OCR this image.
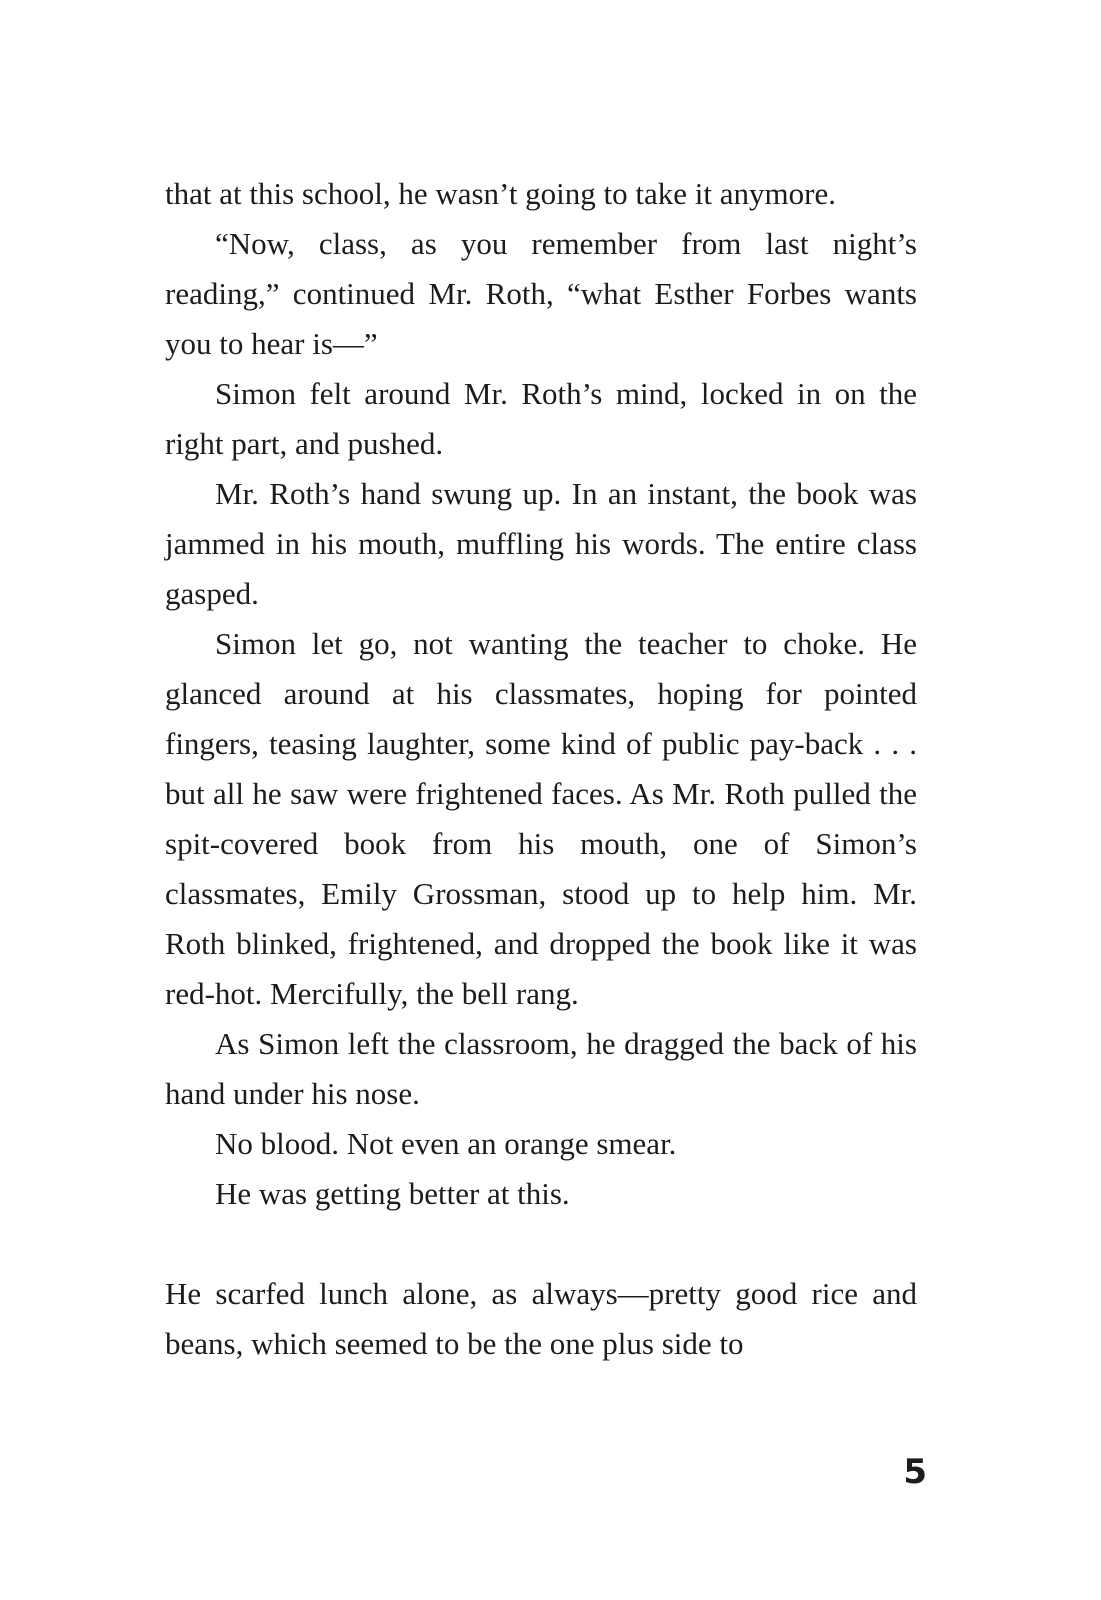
that at this school, he wasn’t going to take it anymore.

“Now, class, as you remember from last night’s reading,” continued Mr. Roth, “what Esther Forbes wants you to hear is—”

Simon felt around Mr. Roth’s mind, locked in on the right part, and pushed.

Mr. Roth’s hand swung up. In an instant, the book was jammed in his mouth, muffling his words. The entire class gasped.

Simon let go, not wanting the teacher to choke. He glanced around at his classmates, hoping for pointed fingers, teasing laughter, some kind of public pay-back . . . but all he saw were frightened faces. As Mr. Roth pulled the spit-covered book from his mouth, one of Simon’s classmates, Emily Grossman, stood up to help him. Mr. Roth blinked, frightened, and dropped the book like it was red-hot. Mercifully, the bell rang.

As Simon left the classroom, he dragged the back of his hand under his nose.

No blood. Not even an orange smear.

He was getting better at this.

He scarfed lunch alone, as always—pretty good rice and beans, which seemed to be the one plus side to

5
